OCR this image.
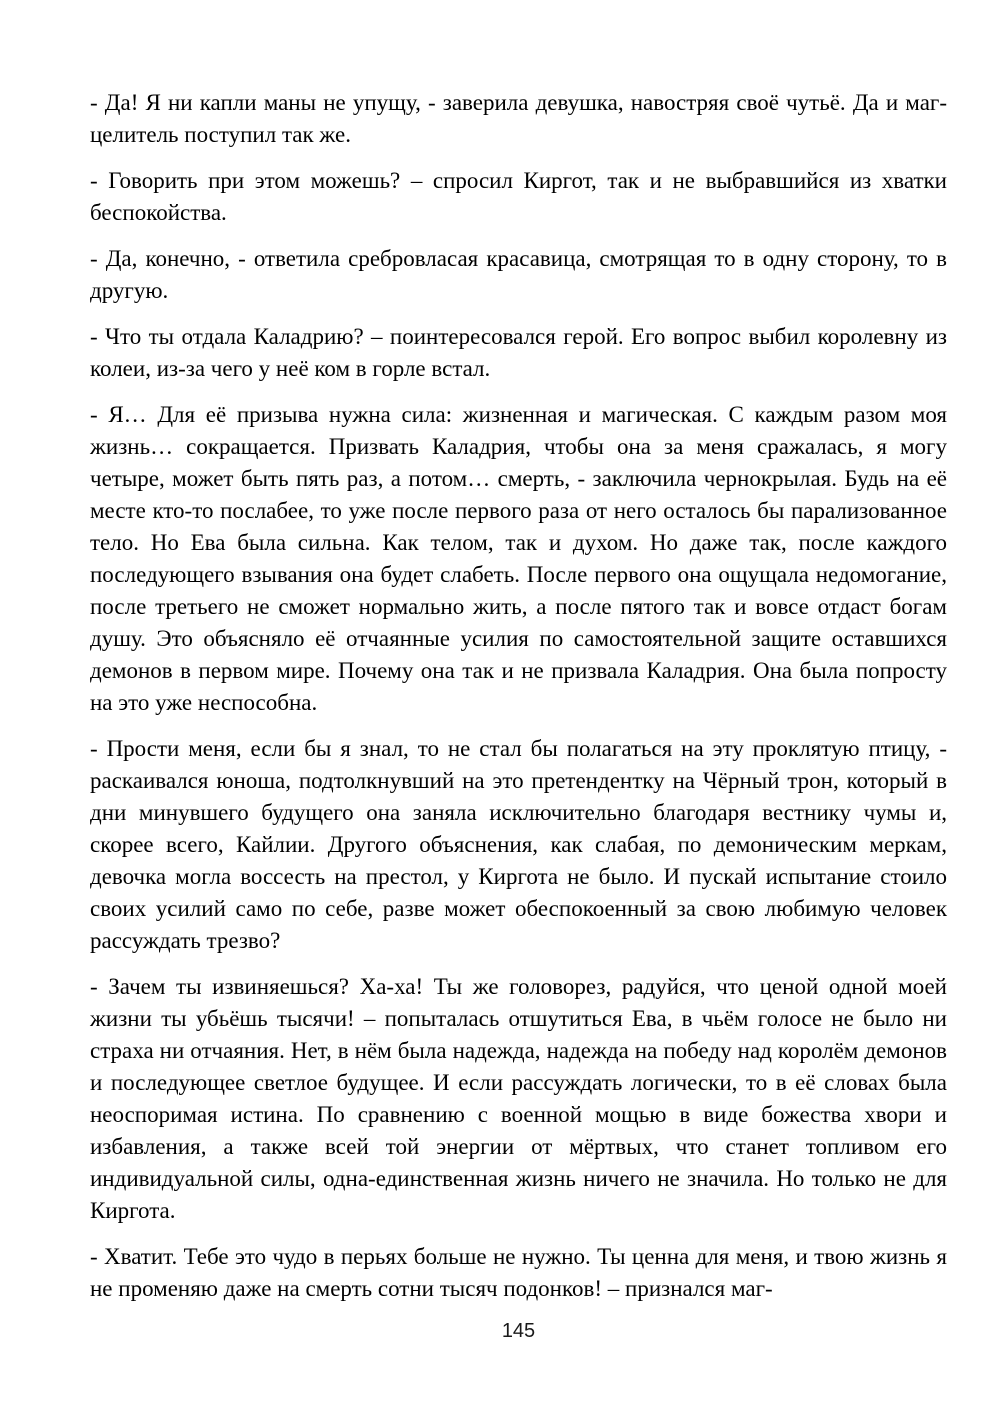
- Да! Я ни капли маны не упущу, - заверила девушка, навостряя своё чутьё. Да и маг-целитель поступил так же.

- Говорить при этом можешь? – спросил Киргот, так и не выбравшийся из хватки беспокойства.

- Да, конечно, - ответила сребровласая красавица, смотрящая то в одну сторону, то в другую.

- Что ты отдала Каладрию? – поинтересовался герой. Его вопрос выбил королевну из колеи, из-за чего у неё ком в горле встал.

- Я… Для её призыва нужна сила: жизненная и магическая. С каждым разом моя жизнь… сокращается. Призвать Каладрия, чтобы она за меня сражалась, я могу четыре, может быть пять раз, а потом… смерть, - заключила чернокрылая. Будь на её месте кто-то послабее, то уже после первого раза от него осталось бы парализованное тело. Но Ева была сильна. Как телом, так и духом. Но даже так, после каждого последующего взывания она будет слабеть. После первого она ощущала недомогание, после третьего не сможет нормально жить, а после пятого так и вовсе отдаст богам душу. Это объясняло её отчаянные усилия по самостоятельной защите оставшихся демонов в первом мире. Почему она так и не призвала Каладрия. Она была попросту на это уже неспособна.

- Прости меня, если бы я знал, то не стал бы полагаться на эту проклятую птицу, - раскаивался юноша, подтолкнувший на это претендентку на Чёрный трон, который в дни минувшего будущего она заняла исключительно благодаря вестнику чумы и, скорее всего, Кайлии. Другого объяснения, как слабая, по демоническим меркам, девочка могла воссесть на престол, у Киргота не было. И пускай испытание стоило своих усилий само по себе, разве может обеспокоенный за свою любимую человек рассуждать трезво?

- Зачем ты извиняешься? Ха-ха! Ты же головорез, радуйся, что ценой одной моей жизни ты убьёшь тысячи! – попыталась отшутиться Ева, в чьём голосе не было ни страха ни отчаяния. Нет, в нём была надежда, надежда на победу над королём демонов и последующее светлое будущее. И если рассуждать логически, то в её словах была неоспоримая истина. По сравнению с военной мощью в виде божества хвори и избавления, а также всей той энергии от мёртвых, что станет топливом его индивидуальной силы, одна-единственная жизнь ничего не значила. Но только не для Киргота.

- Хватит. Тебе это чудо в перьях больше не нужно. Ты ценна для меня, и твою жизнь я не променяю даже на смерть сотни тысяч подонков! – признался маг-

145
